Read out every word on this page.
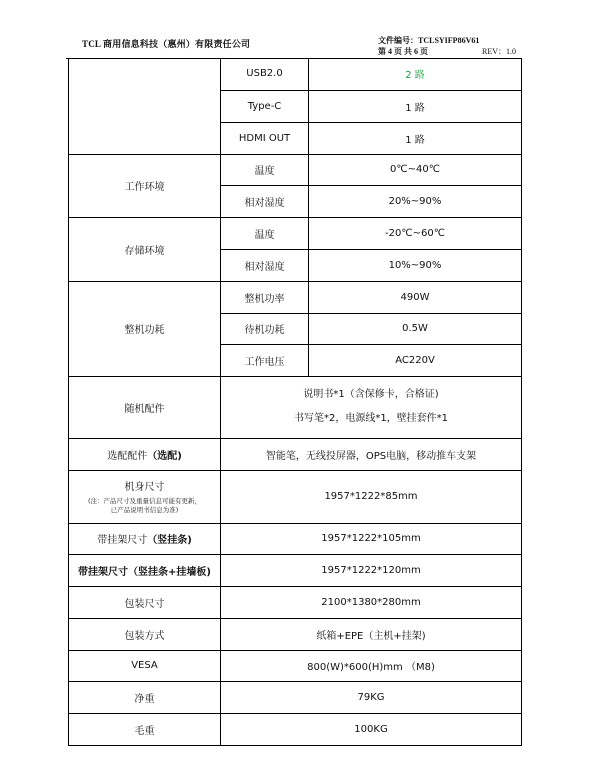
TCL 商用信息科技（惠州）有限责任公司	文件编号：TCLSYIFP86V61
第 4 页 共 6 页	REV：1.0
	USB2.0	2 路
	Type-C	1 路
	HDMI OUT	1 路
工作环境	温度	0℃~40℃
	相对湿度	20%~90%
存储环境	温度	-20℃~60℃
	相对湿度	10%~90%
整机功耗	整机功率	490W
	待机功耗	0.5W
	工作电压	AC220V
随机配件	说明书*1（含保修卡，合格证)
书写笔*2，电源线*1，壁挂套件*1	

选配配件（选配)	智能笔，无线投屏器，OPS电脑，移动推车支架	

机身尺寸
(注：产品尺寸及重量信息可能有更新，
已产品说明书信息为准)	1957*1222*85mm	
带挂架尺寸（竖挂条)	1957*1222*105mm	
带挂架尺寸（竖挂条+挂墙板)	1957*1222*120mm	
包装尺寸	2100*1380*280mm	
包装方式	纸箱+EPE（主机+挂架)	
VESA	800(W)*600(H)mm （M8)	
净重	79KG	
毛重	100KG	
